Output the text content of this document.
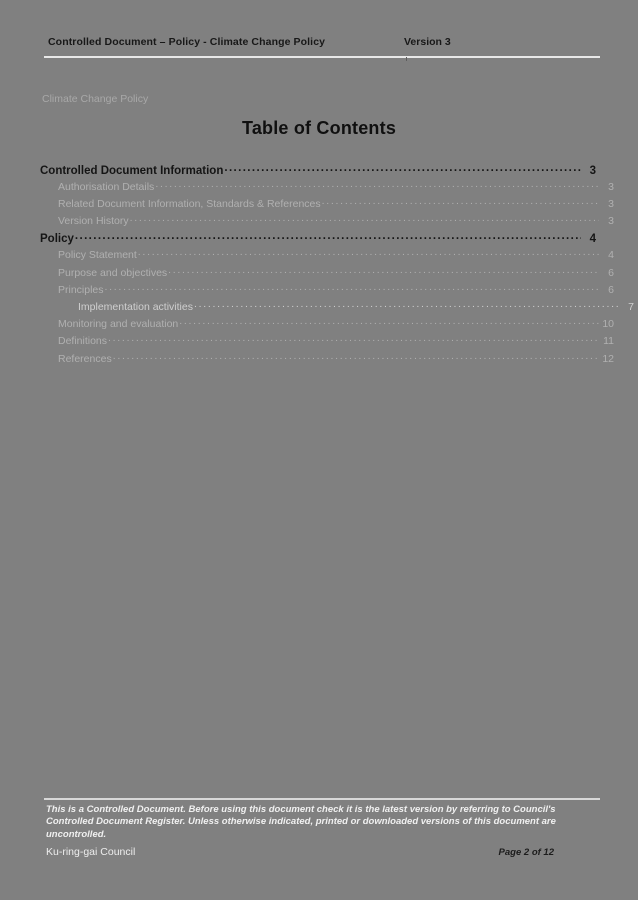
Controlled Document – Policy - Climate Change Policy	Version 3
Climate Change Policy
Table of Contents
Controlled Document Information . . .	3
Authorisation Details . . .	3
Related Document Information, Standards & References . . .	3
Version History . . .	3
Policy . . .	4
Policy Statement . . .	4
Purpose and objectives . . .	6
Principles . . .	6
Implementation activities . . .	7
Monitoring and evaluation . . .	10
Definitions . . .	11
References . . .	12
This is a Controlled Document. Before using this document check it is the latest version by referring to Council's Controlled Document Register. Unless otherwise indicated, printed or downloaded versions of this document are uncontrolled.
Ku-ring-gai Council	Page 2 of 12
